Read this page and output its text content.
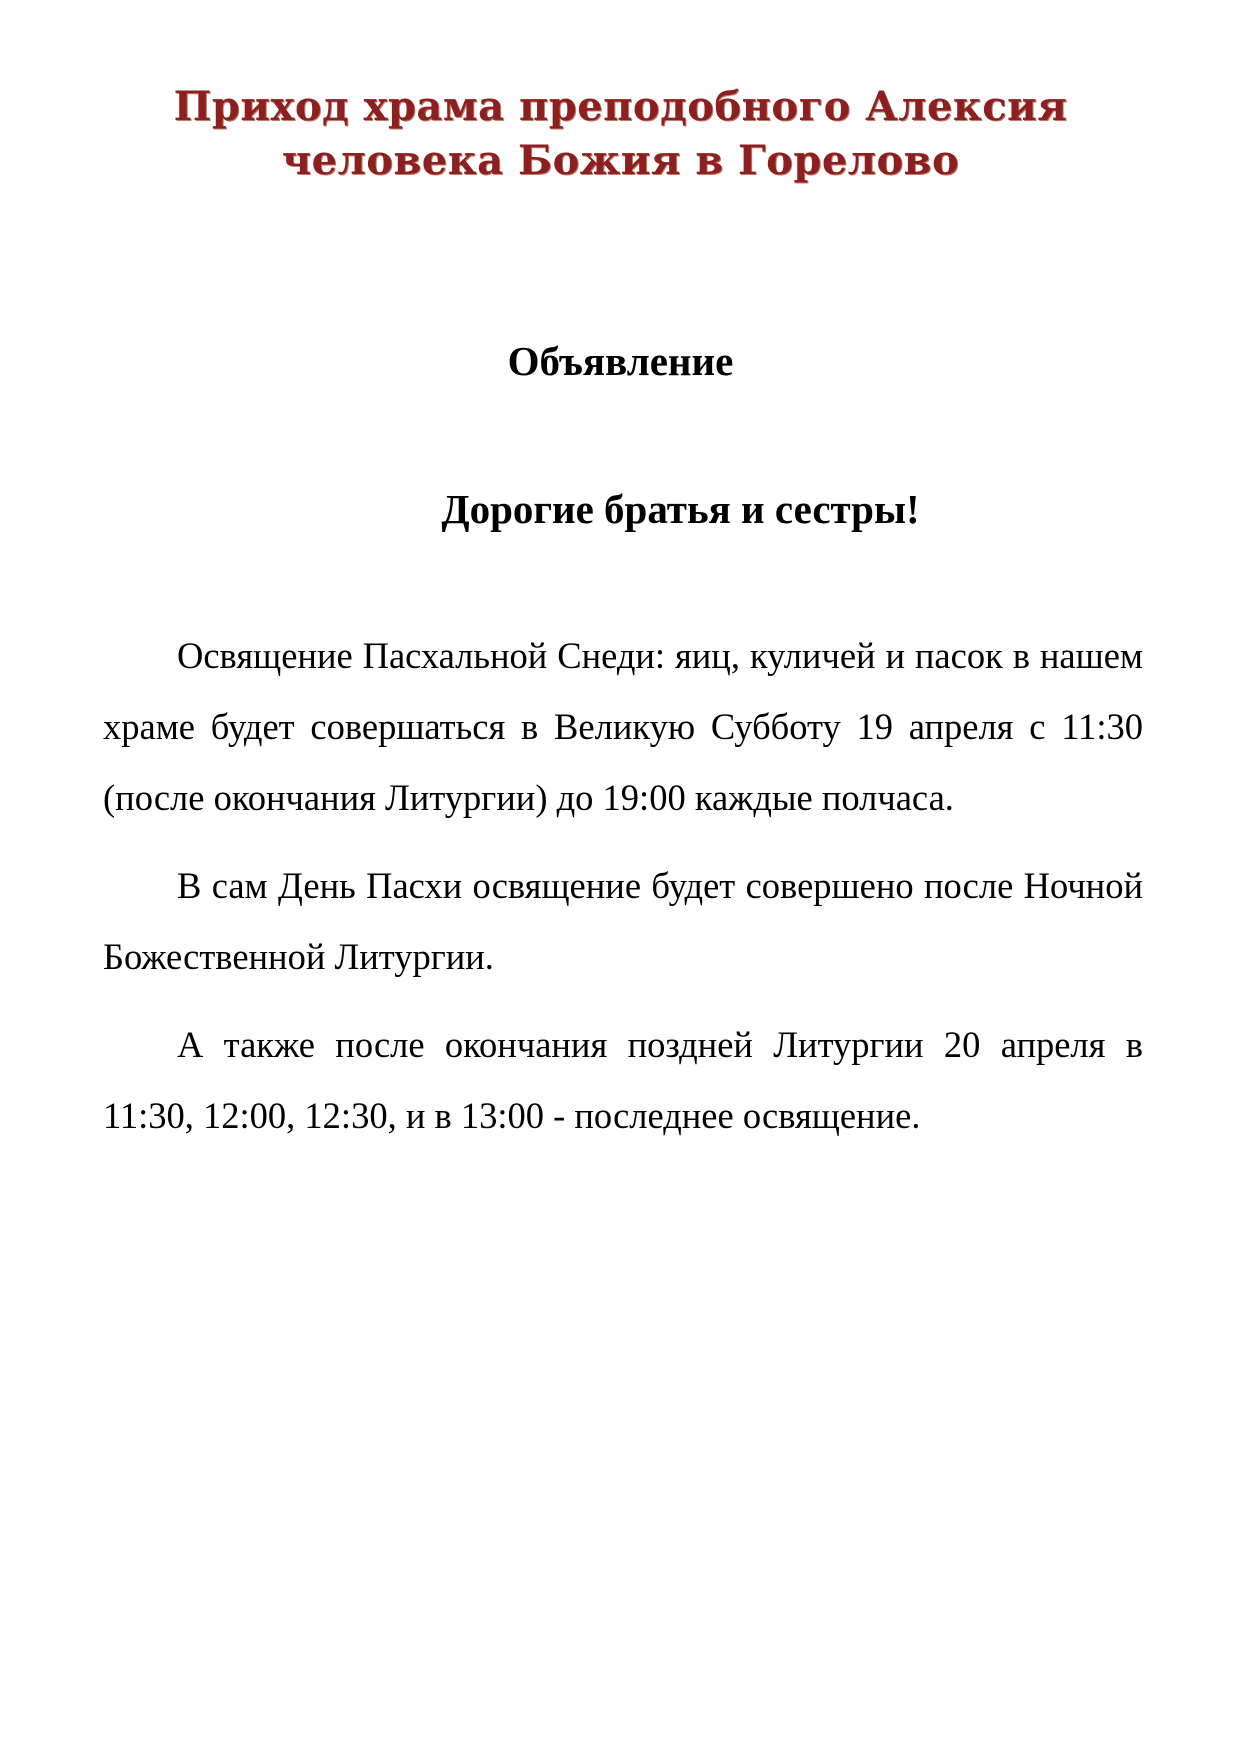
Приход храма преподобного Алексия
человека Божия в Горелово
Объявление
Дорогие братья и сестры!

Освящение Пасхальной Снеди: яиц, куличей и пасок в нашем храме будет совершаться в Великую Субботу 19 апреля с 11:30 (после окончания Литургии) до 19:00 каждые полчаса.

В сам День Пасхи освящение будет совершено после Ночной Божественной Литургии.

А также после окончания поздней Литургии 20 апреля в 11:30, 12:00, 12:30, и в 13:00 - последнее освящение.
